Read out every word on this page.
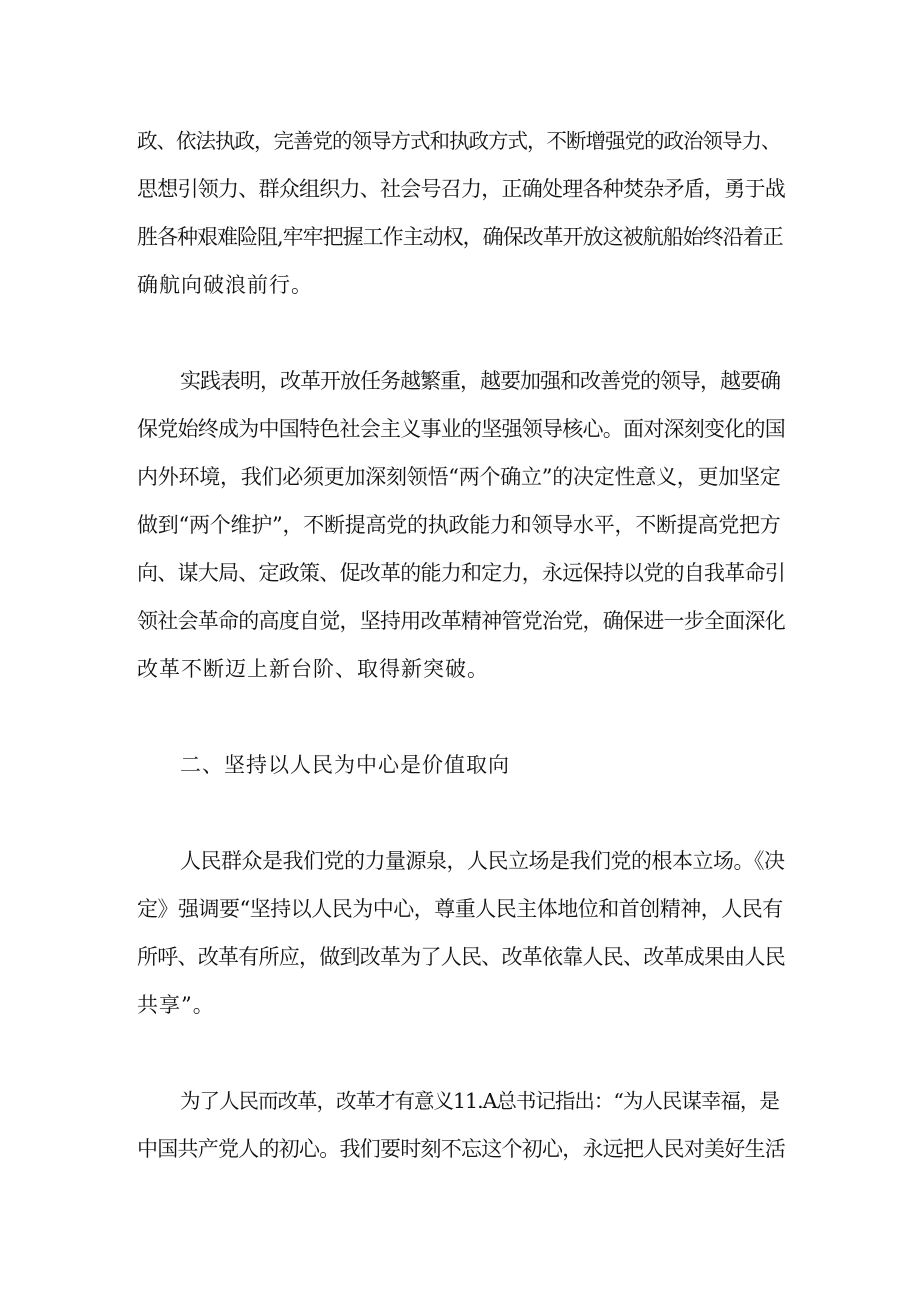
政、依法执政，完善党的领导方式和执政方式，不断增强党的政治领导力、
思想引领力、群众组织力、社会号召力，正确处理各种焚杂矛盾，勇于战
胜各种艰难险阻,牢牢把握工作主动权，确保改革开放这被航船始终沿着正
确航向破浪前行。
实践表明，改革开放任务越繁重，越要加强和改善党的领导，越要确
保党始终成为中国特色社会主义事业的坚强领导核心。面对深刻变化的国
内外环境，我们必须更加深刻领悟“两个确立”的决定性意义，更加坚定
做到“两个维护”，不断提高党的执政能力和领导水平，不断提高党把方
向、谋大局、定政策、促改革的能力和定力，永远保持以党的自我革命引
领社会革命的高度自觉，坚持用改革精神管党治党，确保进一步全面深化
改革不断迈上新台阶、取得新突破。
二、坚持以人民为中心是价值取向
人民群众是我们党的力量源泉，人民立场是我们党的根本立场。《决
定》强调要“坚持以人民为中心，尊重人民主体地位和首创精神，人民有
所呼、改革有所应，做到改革为了人民、改革依靠人民、改革成果由人民
共享”。
为了人民而改革，改革才有意义11.A总书记指出：“为人民谋幸福，是
中国共产党人的初心。我们要时刻不忘这个初心，永远把人民对美好生活
